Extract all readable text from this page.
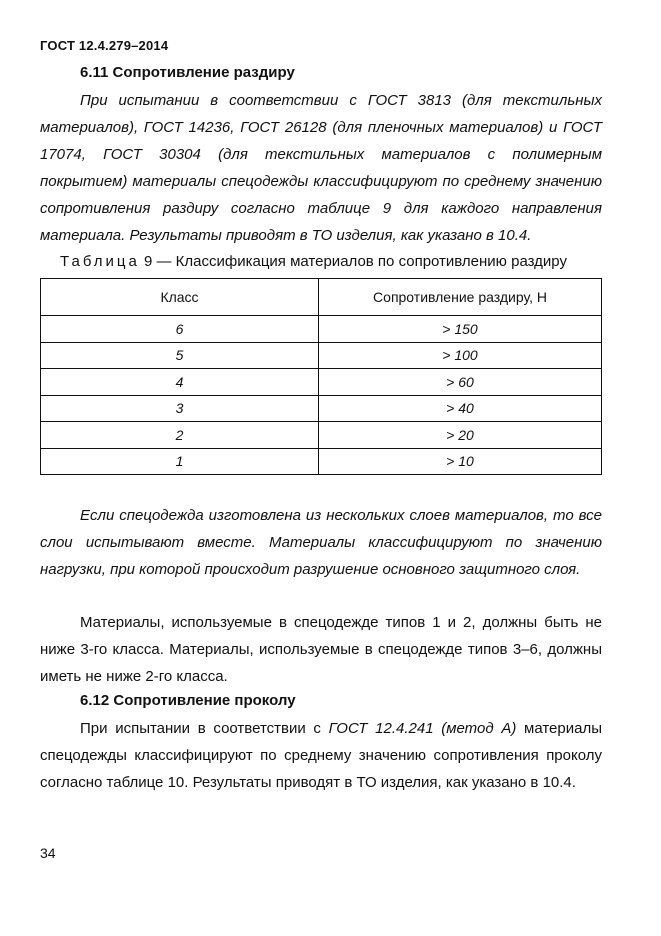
ГОСТ 12.4.279–2014
6.11 Сопротивление раздиру
При испытании в соответствии с ГОСТ 3813 (для текстильных материалов), ГОСТ 14236, ГОСТ 26128 (для пленочных материалов) и ГОСТ 17074, ГОСТ 30304 (для текстильных материалов с полимерным покрытием) материалы спецодежды классифицируют по среднему значению сопротивления раздиру согласно таблице 9 для каждого направления материала. Результаты приводят в ТО изделия, как указано в 10.4.
Таблица 9 — Классификация материалов по сопротивлению раздиру
Класс	Сопротивление раздиру, Н
6	> 150
5	> 100
4	> 60
3	> 40
2	> 20
1	> 10
Если спецодежда изготовлена из нескольких слоев материалов, то все слои испытывают вместе. Материалы классифицируют по значению нагрузки, при которой происходит разрушение основного защитного слоя.
Материалы, используемые в спецодежде типов 1 и 2, должны быть не ниже 3-го класса. Материалы, используемые в спецодежде типов 3–6, должны иметь не ниже 2-го класса.
6.12 Сопротивление проколу
При испытании в соответствии с ГОСТ 12.4.241 (метод А) материалы спецодежды классифицируют по среднему значению сопротивления проколу согласно таблице 10. Результаты приводят в ТО изделия, как указано в 10.4.
34
